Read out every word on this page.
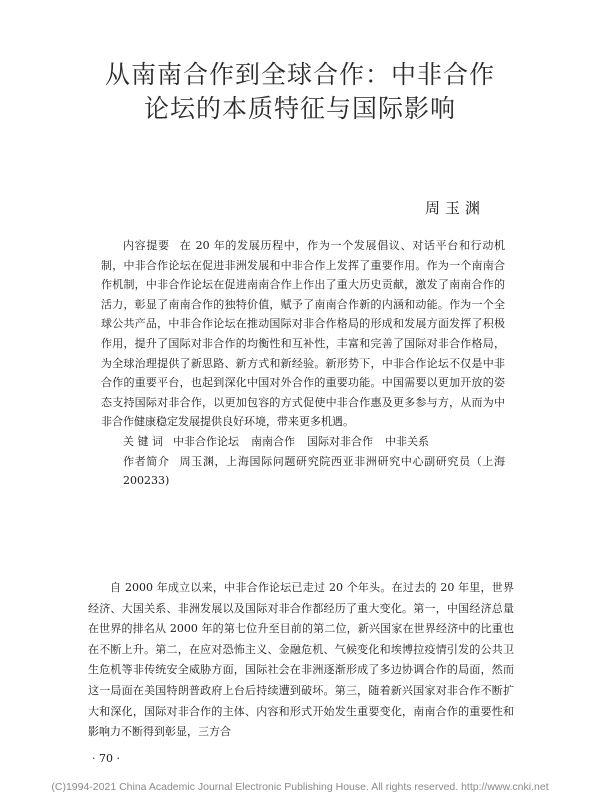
从南南合作到全球合作：中非合作
论坛的本质特征与国际影响
周玉渊

内容提要 在 20 年的发展历程中，作为一个发展倡议、对话平台和行动机制，中非合作论坛在促进非洲发展和中非合作上发挥了重要作用。作为一个南南合作机制，中非合作论坛在促进南南合作上作出了重大历史贡献，激发了南南合作的活力，彰显了南南合作的独特价值，赋予了南南合作新的内涵和动能。作为一个全球公共产品，中非合作论坛在推动国际对非合作格局的形成和发展方面发挥了积极作用，提升了国际对非合作的均衡性和互补性，丰富和完善了国际对非合作格局，为全球治理提供了新思路、新方式和新经验。新形势下，中非合作论坛不仅是中非合作的重要平台，也起到深化中国对外合作的重要功能。中国需要以更加开放的姿态支持国际对非合作，以更加包容的方式促使中非合作惠及更多参与方，从而为中非合作健康稳定发展提供良好环境，带来更多机遇。

关 键 词 中非合作论坛 南南合作 国际对非合作 中非关系

作者简介 周玉渊，上海国际问题研究院西亚非洲研究中心副研究员（上海　200233)

自 2000 年成立以来，中非合作论坛已走过 20 个年头。在过去的 20 年里，世界经济、大国关系、非洲发展以及国际对非合作都经历了重大变化。第一，中国经济总量在世界的排名从 2000 年的第七位升至目前的第二位，新兴国家在世界经济中的比重也在不断上升。第二，在应对恐怖主义、金融危机、气候变化和埃博拉疫情引发的公共卫生危机等非传统安全威胁方面，国际社会在非洲逐渐形成了多边协调合作的局面，然而这一局面在美国特朗普政府上台后持续遭到破坏。第三，随着新兴国家对非合作不断扩大和深化，国际对非合作的主体、内容和形式开始发生重要变化，南南合作的重要性和影响力不断得到彰显，三方合

· 70 ·
(C)1994-2021 China Academic Journal Electronic Publishing House. All rights reserved. http://www.cnki.net
